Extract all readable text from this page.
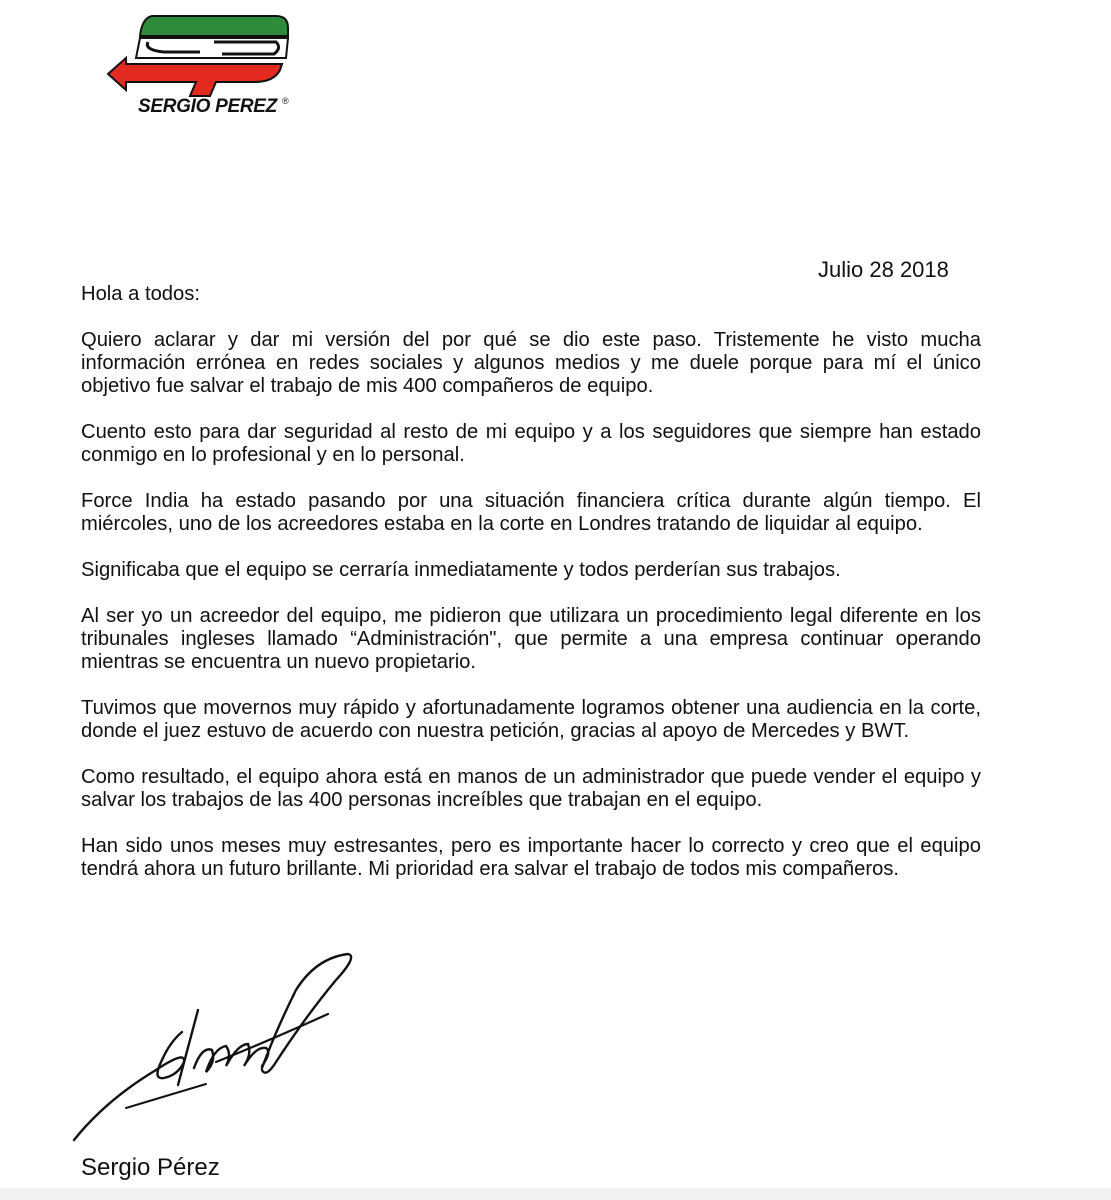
SERGIO PEREZ ®
Julio 28 2018

Hola a todos:

Quiero aclarar y dar mi versión del por qué se dio este paso. Tristemente he visto mucha información errónea en redes sociales y algunos medios y me duele porque para mí el único objetivo fue salvar el trabajo de mis 400 compañeros de equipo.

Cuento esto para dar seguridad al resto de mi equipo y a los seguidores que siempre han estado conmigo en lo profesional y en lo personal.

Force India ha estado pasando por una situación financiera crítica durante algún tiempo. El miércoles, uno de los acreedores estaba en la corte en Londres tratando de liquidar al equipo.

Significaba que el equipo se cerraría inmediatamente y todos perderían sus trabajos.

Al ser yo un acreedor del equipo, me pidieron que utilizara un procedimiento legal diferente en los tribunales ingleses llamado “Administración", que permite a una empresa continuar operando mientras se encuentra un nuevo propietario.

Tuvimos que movernos muy rápido y afortunadamente logramos obtener una audiencia en la corte, donde el juez estuvo de acuerdo con nuestra petición, gracias al apoyo de Mercedes y BWT.

Como resultado, el equipo ahora está en manos de un administrador que puede vender el equipo y salvar los trabajos de las 400 personas increíbles que trabajan en el equipo.

Han sido unos meses muy estresantes, pero es importante hacer lo correcto y creo que el equipo tendrá ahora un futuro brillante. Mi prioridad era salvar el trabajo de todos mis compañeros.

Sergio Pérez
